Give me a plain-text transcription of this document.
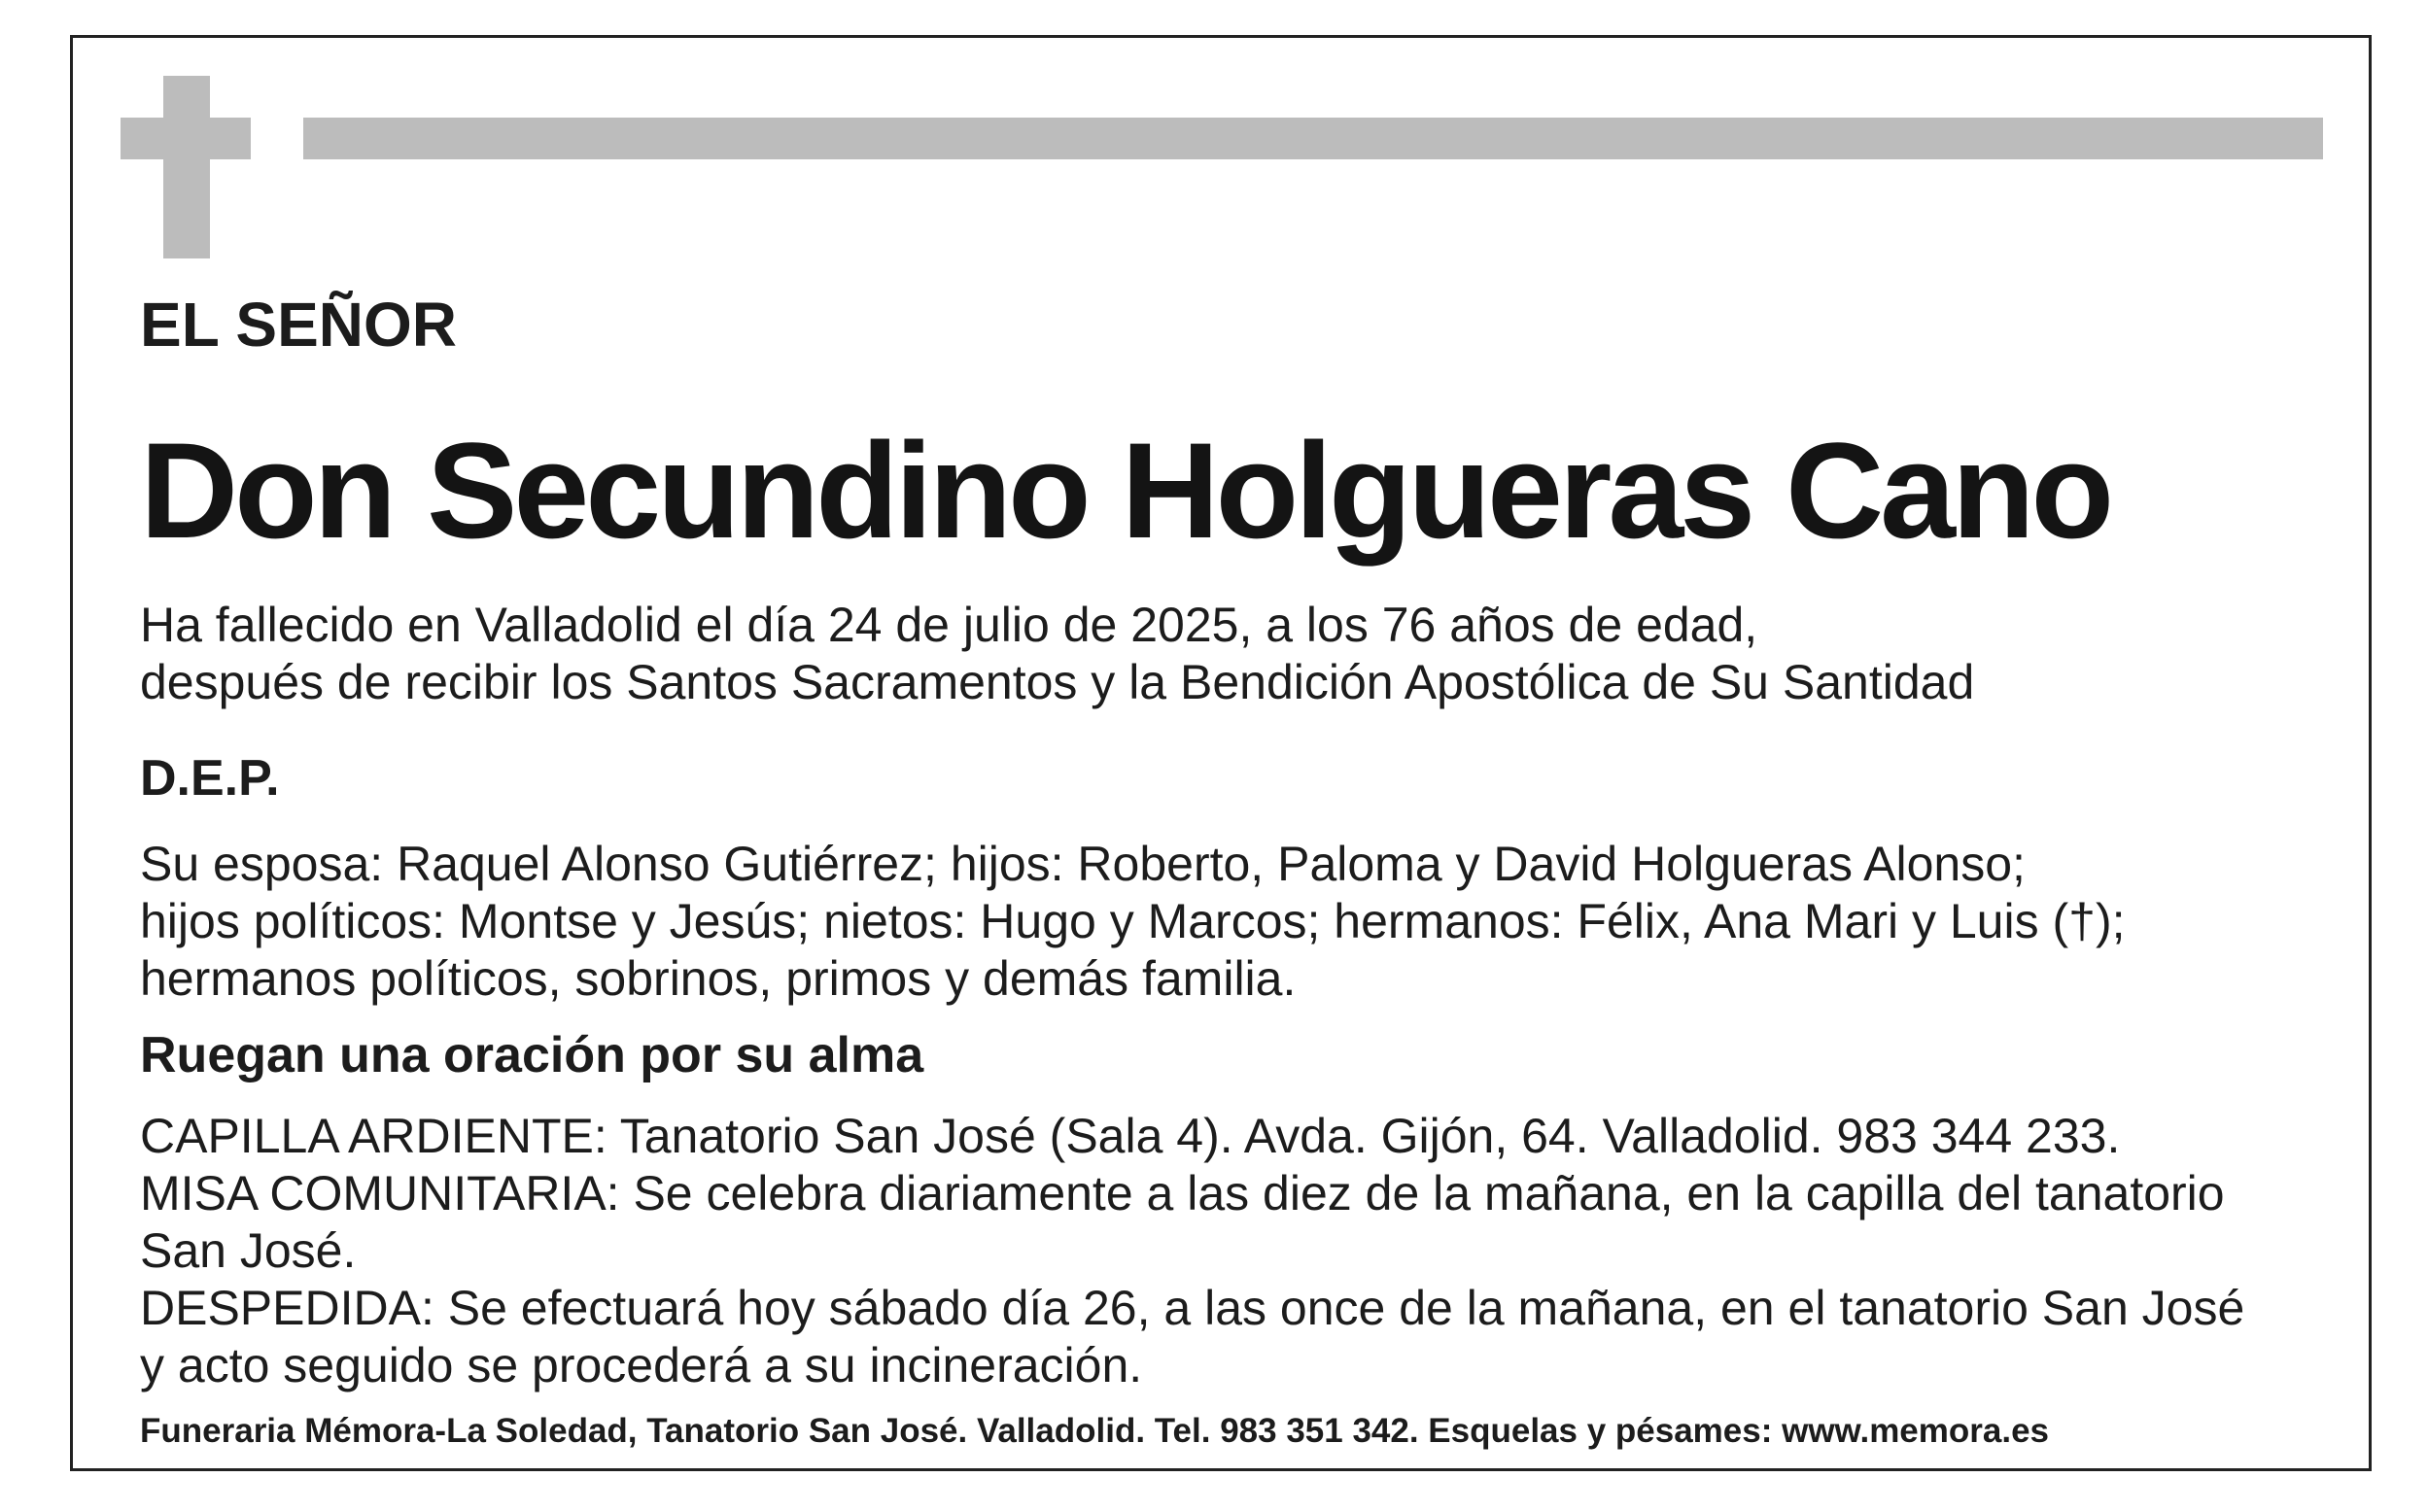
EL SEÑOR
Don Secundino Holgueras Cano
Ha fallecido en Valladolid el día 24 de julio de 2025, a los 76 años de edad,
después de recibir los Santos Sacramentos y la Bendición Apostólica de Su Santidad
D.E.P.
Su esposa: Raquel Alonso Gutiérrez; hijos: Roberto, Paloma y David Holgueras Alonso;
hijos políticos: Montse y Jesús; nietos: Hugo y Marcos; hermanos: Félix, Ana Mari y Luis (†);
hermanos políticos, sobrinos, primos y demás familia.
Ruegan una oración por su alma
CAPILLA ARDIENTE: Tanatorio San José (Sala 4). Avda. Gijón, 64. Valladolid. 983 344 233.
MISA COMUNITARIA: Se celebra diariamente a las diez de la mañana, en la capilla del tanatorio
San José.
DESPEDIDA: Se efectuará hoy sábado día 26, a las once de la mañana, en el tanatorio San José
y acto seguido se procederá a su incineración.
Funeraria Mémora-La Soledad, Tanatorio San José. Valladolid. Tel. 983 351 342. Esquelas y pésames: www.memora.es
